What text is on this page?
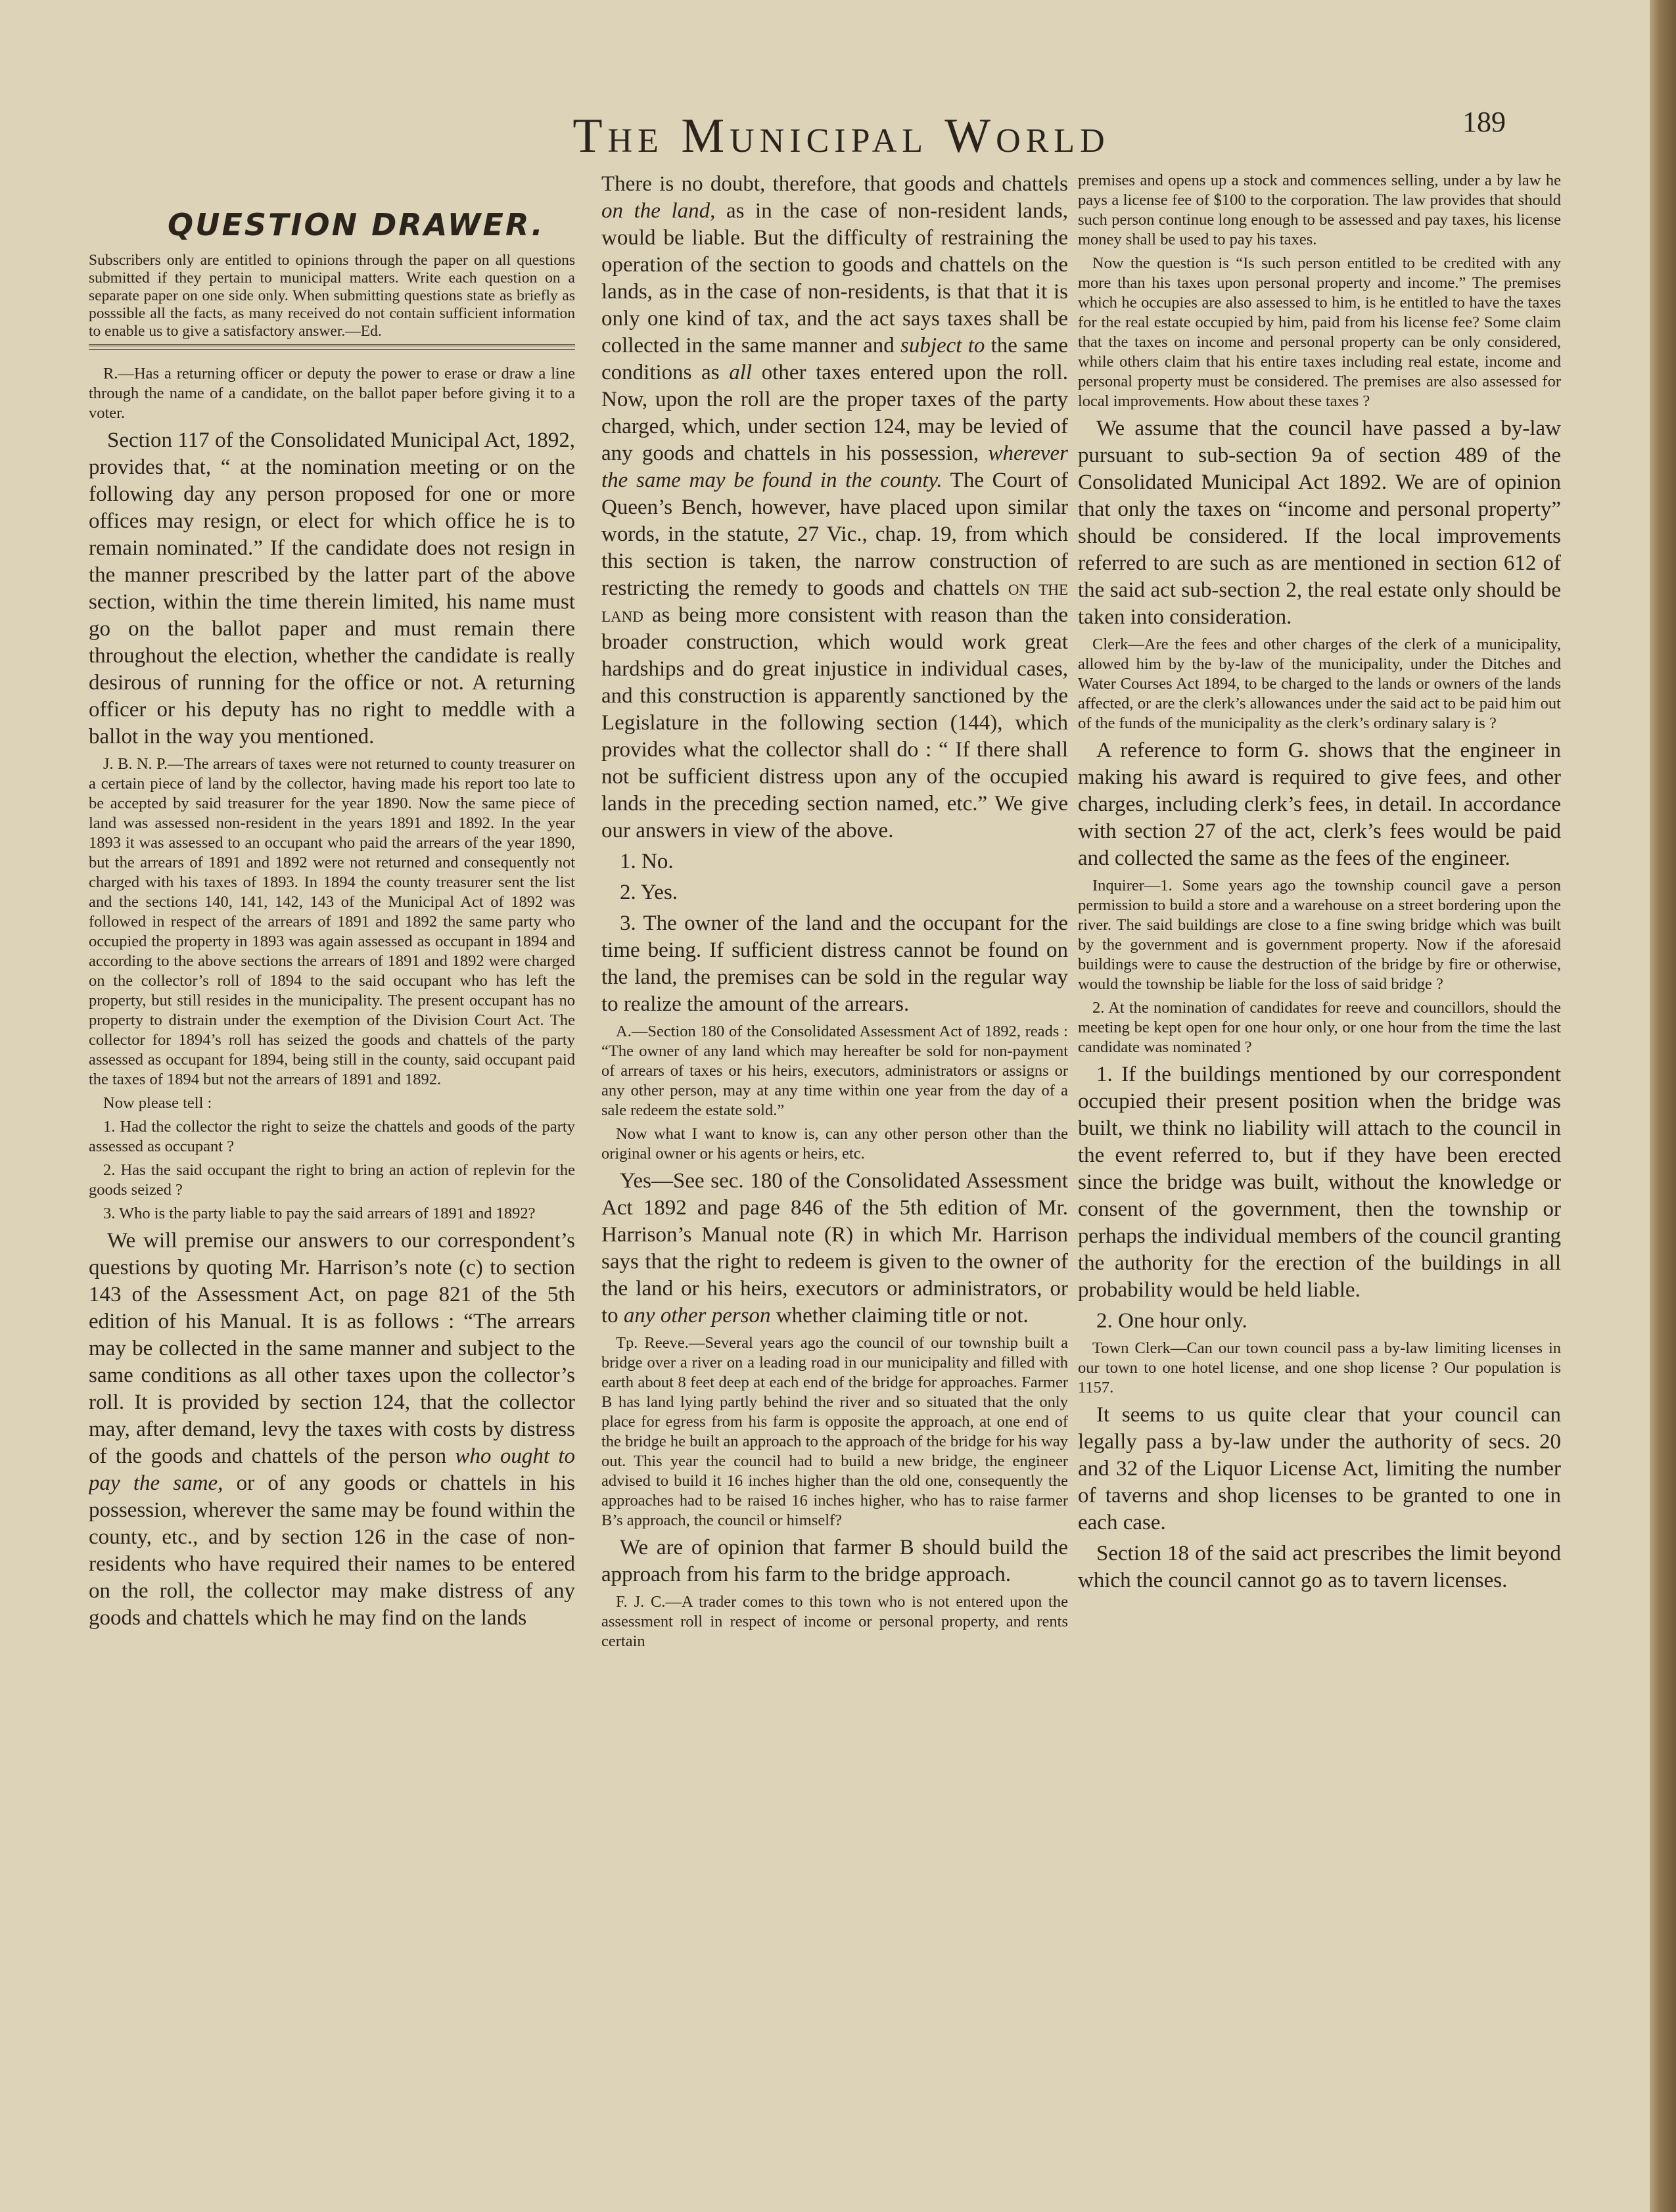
The Municipal World	189
QUESTION DRAWER.

Subscribers only are entitled to opinions through the paper on all questions submitted if they pertain to municipal matters. Write each question on a separate paper on one side only. When submitting questions state as briefly as posssible all the facts, as many received do not contain sufficient information to enable us to give a satisfactory answer.—Ed.

R.—Has a returning officer or deputy the power to erase or draw a line through the name of a candidate, on the ballot paper before giving it to a voter.

Section 117 of the Consolidated Municipal Act, 1892, provides that, “ at the nomination meeting or on the following day any person proposed for one or more offices may resign, or elect for which office he is to remain nominated.” If the candidate does not resign in the manner prescribed by the latter part of the above section, within the time therein limited, his name must go on the ballot paper and must remain there throughout the election, whether the candidate is really desirous of running for the office or not. A returning officer or his deputy has no right to meddle with a ballot in the way you mentioned.

J. B. N. P.—The arrears of taxes were not returned to county treasurer on a certain piece of land by the collector, having made his report too late to be accepted by said treasurer for the year 1890. Now the same piece of land was assessed non-resident in the years 1891 and 1892. In the year 1893 it was assessed to an occupant who paid the arrears of the year 1890, but the arrears of 1891 and 1892 were not returned and consequently not charged with his taxes of 1893. In 1894 the county treasurer sent the list and the sections 140, 141, 142, 143 of the Municipal Act of 1892 was followed in respect of the arrears of 1891 and 1892 the same party who occupied the property in 1893 was again assessed as occupant in 1894 and according to the above sections the arrears of 1891 and 1892 were charged on the collector’s roll of 1894 to the said occupant who has left the property, but still resides in the municipality. The present occupant has no property to distrain under the exemption of the Division Court Act. The collector for 1894’s roll has seized the goods and chattels of the party assessed as occupant for 1894, being still in the county, said occupant paid the taxes of 1894 but not the arrears of 1891 and 1892.

Now please tell :

1. Had the collector the right to seize the chattels and goods of the party assessed as occupant ?

2. Has the said occupant the right to bring an action of replevin for the goods seized ?

3. Who is the party liable to pay the said arrears of 1891 and 1892?

We will premise our answers to our correspondent’s questions by quoting Mr. Harrison’s note (c) to section 143 of the Assessment Act, on page 821 of the 5th edition of his Manual. It is as follows : “The arrears may be collected in the same manner and subject to the same conditions as all other taxes upon the collector’s roll. It is provided by section 124, that the collector may, after demand, levy the taxes with costs by distress of the goods and chattels of the person who ought to pay the same, or of any goods or chattels in his possession, wherever the same may be found within the county, etc., and by section 126 in the case of non-residents who have required their names to be entered on the roll, the collector may make distress of any goods and chattels which he may find on the lands

There is no doubt, therefore, that goods and chattels on the land, as in the case of non-resident lands, would be liable. But the difficulty of restraining the operation of the section to goods and chattels on the lands, as in the case of non-residents, is that that it is only one kind of tax, and the act says taxes shall be collected in the same manner and subject to the same conditions as all other taxes entered upon the roll. Now, upon the roll are the proper taxes of the party charged, which, under section 124, may be levied of any goods and chattels in his possession, wherever the same may be found in the county. The Court of Queen’s Bench, however, have placed upon similar words, in the statute, 27 Vic., chap. 19, from which this section is taken, the narrow construction of restricting the remedy to goods and chattels on the land as being more consistent with reason than the broader construction, which would work great hardships and do great injustice in individual cases, and this construction is apparently sanctioned by the Legislature in the following section (144), which provides what the collector shall do : “ If there shall not be sufficient distress upon any of the occupied lands in the preceding section named, etc.” We give our answers in view of the above.

1. No.

2. Yes.

3. The owner of the land and the occupant for the time being. If sufficient distress cannot be found on the land, the premises can be sold in the regular way to realize the amount of the arrears.

A.—Section 180 of the Consolidated Assessment Act of 1892, reads : “The owner of any land which may hereafter be sold for non-payment of arrears of taxes or his heirs, executors, administrators or assigns or any other person, may at any time within one year from the day of a sale redeem the estate sold.”

Now what I want to know is, can any other person other than the original owner or his agents or heirs, etc.

Yes—See sec. 180 of the Consolidated Assessment Act 1892 and page 846 of the 5th edition of Mr. Harrison’s Manual note (R) in which Mr. Harrison says that the right to redeem is given to the owner of the land or his heirs, executors or administrators, or to any other person whether claiming title or not.

Tp. Reeve.—Several years ago the council of our township built a bridge over a river on a leading road in our municipality and filled with earth about 8 feet deep at each end of the bridge for approaches. Farmer B has land lying partly behind the river and so situated that the only place for egress from his farm is opposite the approach, at one end of the bridge he built an approach to the approach of the bridge for his way out. This year the council had to build a new bridge, the engineer advised to build it 16 inches higher than the old one, consequently the approaches had to be raised 16 inches higher, who has to raise farmer B’s approach, the council or himself?

We are of opinion that farmer B should build the approach from his farm to the bridge approach.

F. J. C.—A trader comes to this town who is not entered upon the assessment roll in respect of income or personal property, and rents certain

premises and opens up a stock and commences selling, under a by law he pays a license fee of $100 to the corporation. The law provides that should such person continue long enough to be assessed and pay taxes, his license money shall be used to pay his taxes.

Now the question is “Is such person entitled to be credited with any more than his taxes upon personal property and income.” The premises which he occupies are also assessed to him, is he entitled to have the taxes for the real estate occupied by him, paid from his license fee? Some claim that the taxes on income and personal property can be only considered, while others claim that his entire taxes including real estate, income and personal property must be considered. The premises are also assessed for local improvements. How about these taxes ?

We assume that the council have passed a by-law pursuant to sub-section 9a of section 489 of the Consolidated Municipal Act 1892. We are of opinion that only the taxes on “income and personal property” should be considered. If the local improvements referred to are such as are mentioned in section 612 of the said act sub-section 2, the real estate only should be taken into consideration.

Clerk—Are the fees and other charges of the clerk of a municipality, allowed him by the by-law of the municipality, under the Ditches and Water Courses Act 1894, to be charged to the lands or owners of the lands affected, or are the clerk’s allowances under the said act to be paid him out of the funds of the municipality as the clerk’s ordinary salary is ?

A reference to form G. shows that the engineer in making his award is required to give fees, and other charges, including clerk’s fees, in detail. In accordance with section 27 of the act, clerk’s fees would be paid and collected the same as the fees of the engineer.

Inquirer—1. Some years ago the township council gave a person permission to build a store and a warehouse on a street bordering upon the river. The said buildings are close to a fine swing bridge which was built by the government and is government property. Now if the aforesaid buildings were to cause the destruction of the bridge by fire or otherwise, would the township be liable for the loss of said bridge ?

2. At the nomination of candidates for reeve and councillors, should the meeting be kept open for one hour only, or one hour from the time the last candidate was nominated ?

1. If the buildings mentioned by our correspondent occupied their present position when the bridge was built, we think no liability will attach to the council in the event referred to, but if they have been erected since the bridge was built, without the knowledge or consent of the government, then the township or perhaps the individual members of the council granting the authority for the erection of the buildings in all probability would be held liable.

2. One hour only.

Town Clerk—Can our town council pass a by-law limiting licenses in our town to one hotel license, and one shop license ? Our population is 1157.

It seems to us quite clear that your council can legally pass a by-law under the authority of secs. 20 and 32 of the Liquor License Act, limiting the number of taverns and shop licenses to be granted to one in each case.

Section 18 of the said act prescribes the limit beyond which the council cannot go as to tavern licenses.
